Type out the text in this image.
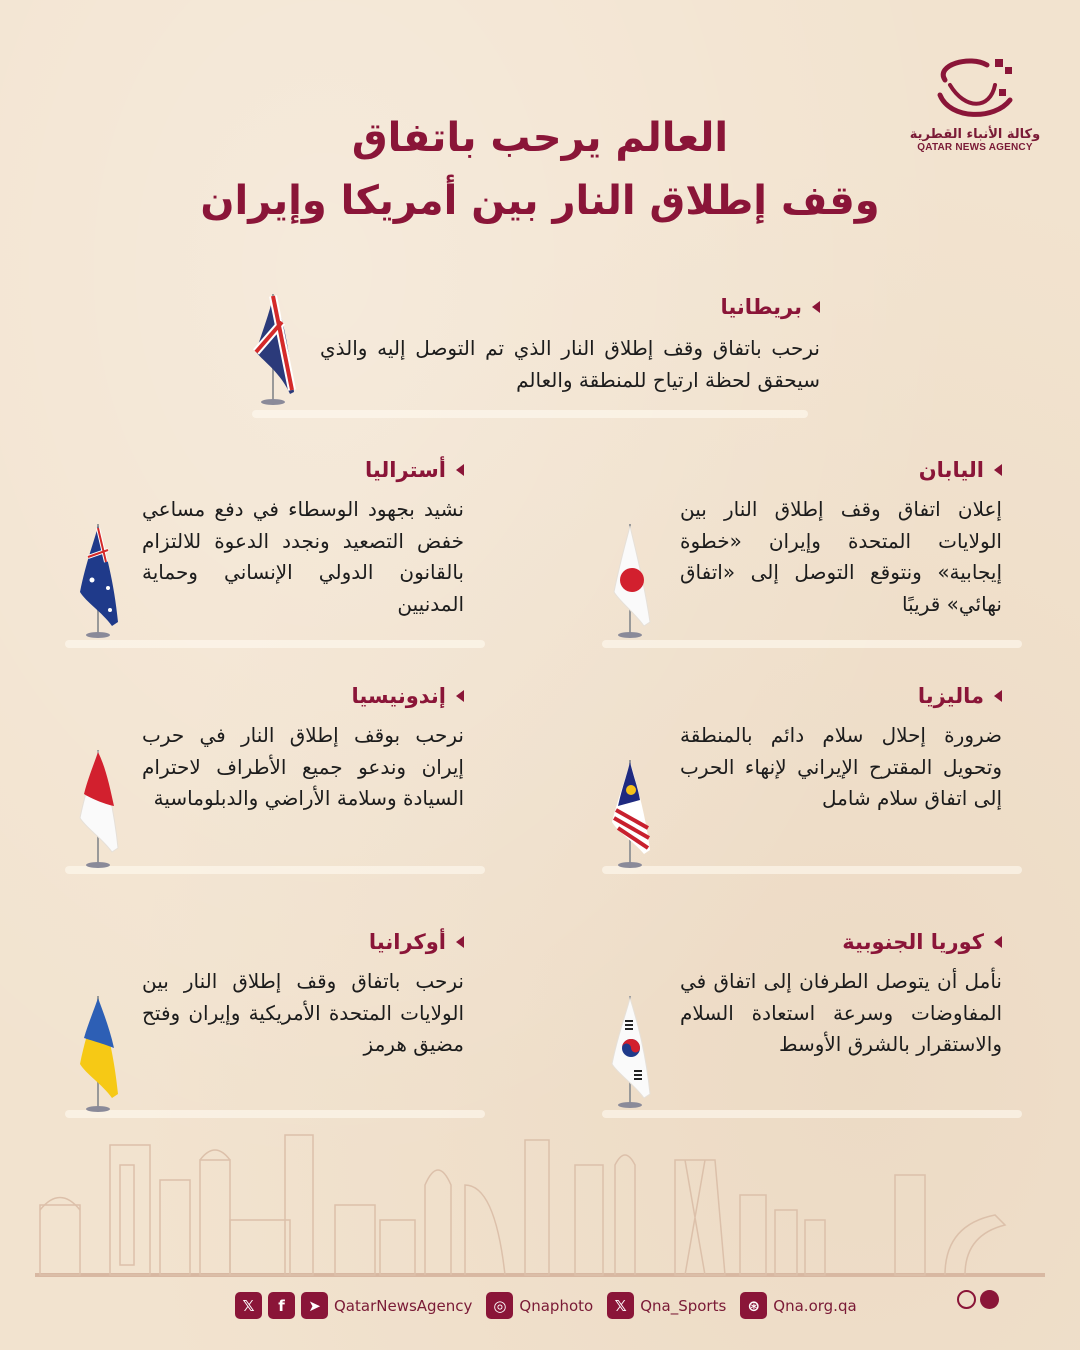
وكالة الأنباء القطرية
QATAR NEWS AGENCY
العالم يرحب باتفاق
وقف إطلاق النار بين أمريكا وإيران
بريطانيا
نرحب باتفاق وقف إطلاق النار الذي تم التوصل إليه والذي سيحقق لحظة ارتياح للمنطقة والعالم
اليابان
إعلان اتفاق وقف إطلاق النار بين الولايات المتحدة وإيران «خطوة إيجابية» ونتوقع التوصل إلى «اتفاق نهائي» قريبًا
أستراليا
نشيد بجهود الوسطاء في دفع مساعي خفض التصعيد ونجدد الدعوة للالتزام بالقانون الدولي الإنساني وحماية المدنيين
ماليزيا
ضرورة إحلال سلام دائم بالمنطقة وتحويل المقترح الإيراني لإنهاء الحرب إلى اتفاق سلام شامل
إندونيسيا
نرحب بوقف إطلاق النار في حرب إيران وندعو جميع الأطراف لاحترام السيادة وسلامة الأراضي والدبلوماسية
كوريا الجنوبية
نأمل أن يتوصل الطرفان إلى اتفاق في المفاوضات وسرعة استعادة السلام والاستقرار بالشرق الأوسط
أوكرانيا
نرحب باتفاق وقف إطلاق النار بين الولايات المتحدة الأمريكية وإيران وفتح مضيق هرمز
𝕏	f	➤ QatarNewsAgency	◎ Qnaphoto	𝕏 Qna_Sports	⊛ Qna.org.qa
